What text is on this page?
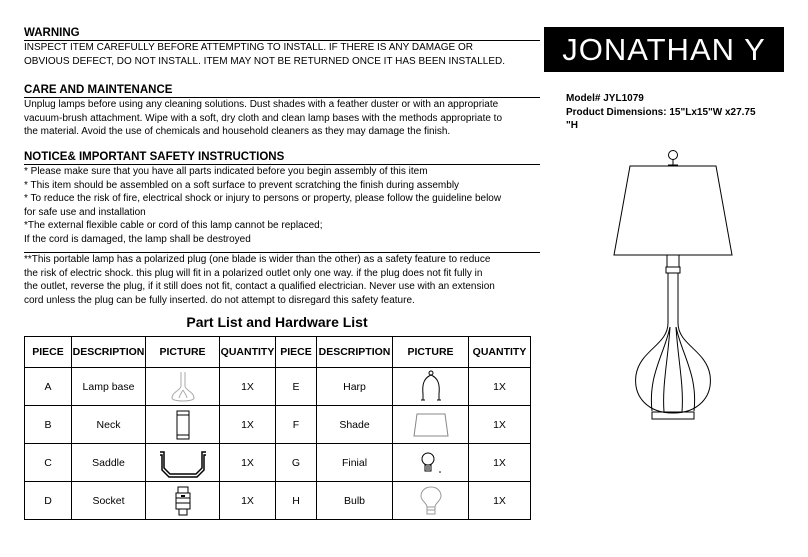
WARNING
INSPECT ITEM CAREFULLY BEFORE ATTEMPTING TO INSTALL. IF THERE IS ANY DAMAGE OR
OBVIOUS DEFECT, DO NOT INSTALL. ITEM MAY NOT BE RETURNED ONCE IT HAS BEEN INSTALLED.
CARE AND MAINTENANCE
Unplug lamps before using any cleaning solutions. Dust shades with a feather duster or with an appropriate
vacuum-brush attachment. Wipe with a soft, dry cloth and clean lamp bases with the methods appropriate to
the material. Avoid the use of chemicals and household cleaners as they may damage the finish.
NOTICE& IMPORTANT SAFETY INSTRUCTIONS
* Please make sure that you have all parts indicated before you begin assembly of this item
* This item should be assembled on a soft surface to prevent scratching the finish during assembly
* To reduce the risk of fire, electrical shock or injury to persons or property, please follow the guideline below
for safe use and installation
*The external flexible cable or cord of this lamp cannot be replaced;
If the cord is damaged, the lamp shall be destroyed
**This portable lamp has a polarized plug (one blade is wider than the other) as a safety feature to reduce
the risk of electric shock. this plug will fit in a polarized outlet only one way. if the plug does not fit fully in
the outlet, reverse the plug, if it still does not fit, contact a qualified electrician. Never use with an extension
cord unless the plug can be fully inserted. do not attempt to disregard this safety feature.
JONATHAN Y
Model# JYL1079
Product Dimensions: 15"Lx15"W x27.75
"H
Part List and Hardware List
PIECE	DESCRIPTION	PICTURE	QUANTITY	PIECE	DESCRIPTION	PICTURE	QUANTITY
A	Lamp base		1X	E	Harp		1X
B	Neck		1X	F	Shade		1X
C	Saddle		1X	G	Finial		1X
D	Socket		1X	H	Bulb		1X
